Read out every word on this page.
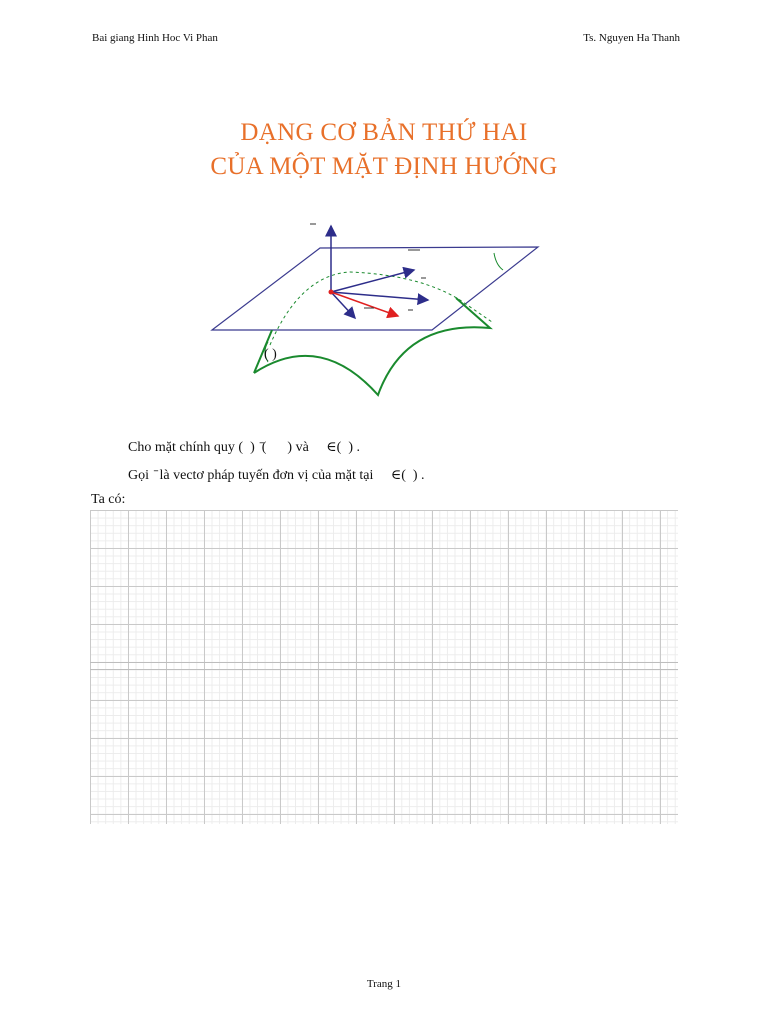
Bai giang Hinh Hoc Vi Phan	Ts. Nguyen Ha Thanh
DẠNG CƠ BẢN THỨ HAI
CỦA MỘT MẶT ĐỊNH HƯỚNG
( )
Cho mặt chính quy (  )  ̄(      ) và     ∈(  ) .
Gọi  ̄ là vectơ pháp tuyến đơn vị của mặt tại     ∈(  ) .
Ta có:
Trang 1
